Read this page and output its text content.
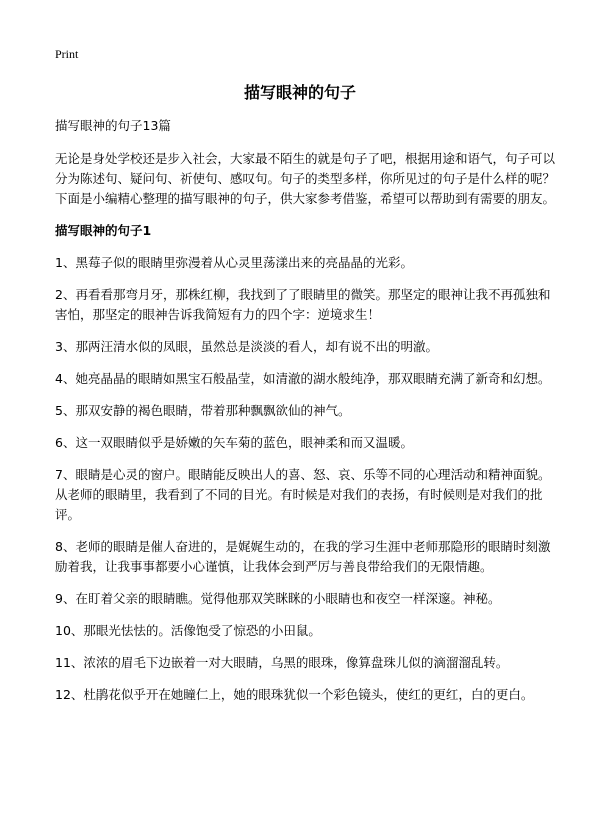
Print
描写眼神的句子

描写眼神的句子13篇

无论是身处学校还是步入社会，大家最不陌生的就是句子了吧，根据用途和语气，句子可以分为陈述句、疑问句、祈使句、感叹句。句子的类型多样，你所见过的句子是什么样的呢？下面是小编精心整理的描写眼神的句子，供大家参考借鉴，希望可以帮助到有需要的朋友。

描写眼神的句子1

1、黑莓子似的眼睛里弥漫着从心灵里荡漾出来的亮晶晶的光彩。

2、再看看那弯月牙，那株红柳，我找到了了眼睛里的微笑。那坚定的眼神让我不再孤独和害怕，那坚定的眼神告诉我简短有力的四个字：逆境求生！

3、那两汪清水似的凤眼，虽然总是淡淡的看人，却有说不出的明澈。

4、她亮晶晶的眼睛如黑宝石般晶莹，如清澈的湖水般纯净，那双眼睛充满了新奇和幻想。

5、那双安静的褐色眼睛，带着那种飘飘欲仙的神气。

6、这一双眼睛似乎是娇嫩的矢车菊的蓝色，眼神柔和而又温暖。

7、眼睛是心灵的窗户。眼睛能反映出人的喜、怒、哀、乐等不同的心理活动和精神面貌。从老师的眼睛里，我看到了不同的目光。有时候是对我们的表扬，有时候则是对我们的批评。

8、老师的眼睛是催人奋进的，是娓娓生动的，在我的学习生涯中老师那隐形的眼睛时刻激励着我，让我事事都要小心谨慎，让我体会到严厉与善良带给我们的无限情趣。

9、在盯着父亲的眼睛瞧。觉得他那双笑眯眯的小眼睛也和夜空一样深邃。神秘。

10、那眼光怯怯的。活像饱受了惊恐的小田鼠。

11、浓浓的眉毛下边嵌着一对大眼睛，乌黑的眼珠，像算盘珠儿似的滴溜溜乱转。

12、杜鹃花似乎开在她瞳仁上，她的眼珠犹似一个彩色镜头，使红的更红，白的更白。
